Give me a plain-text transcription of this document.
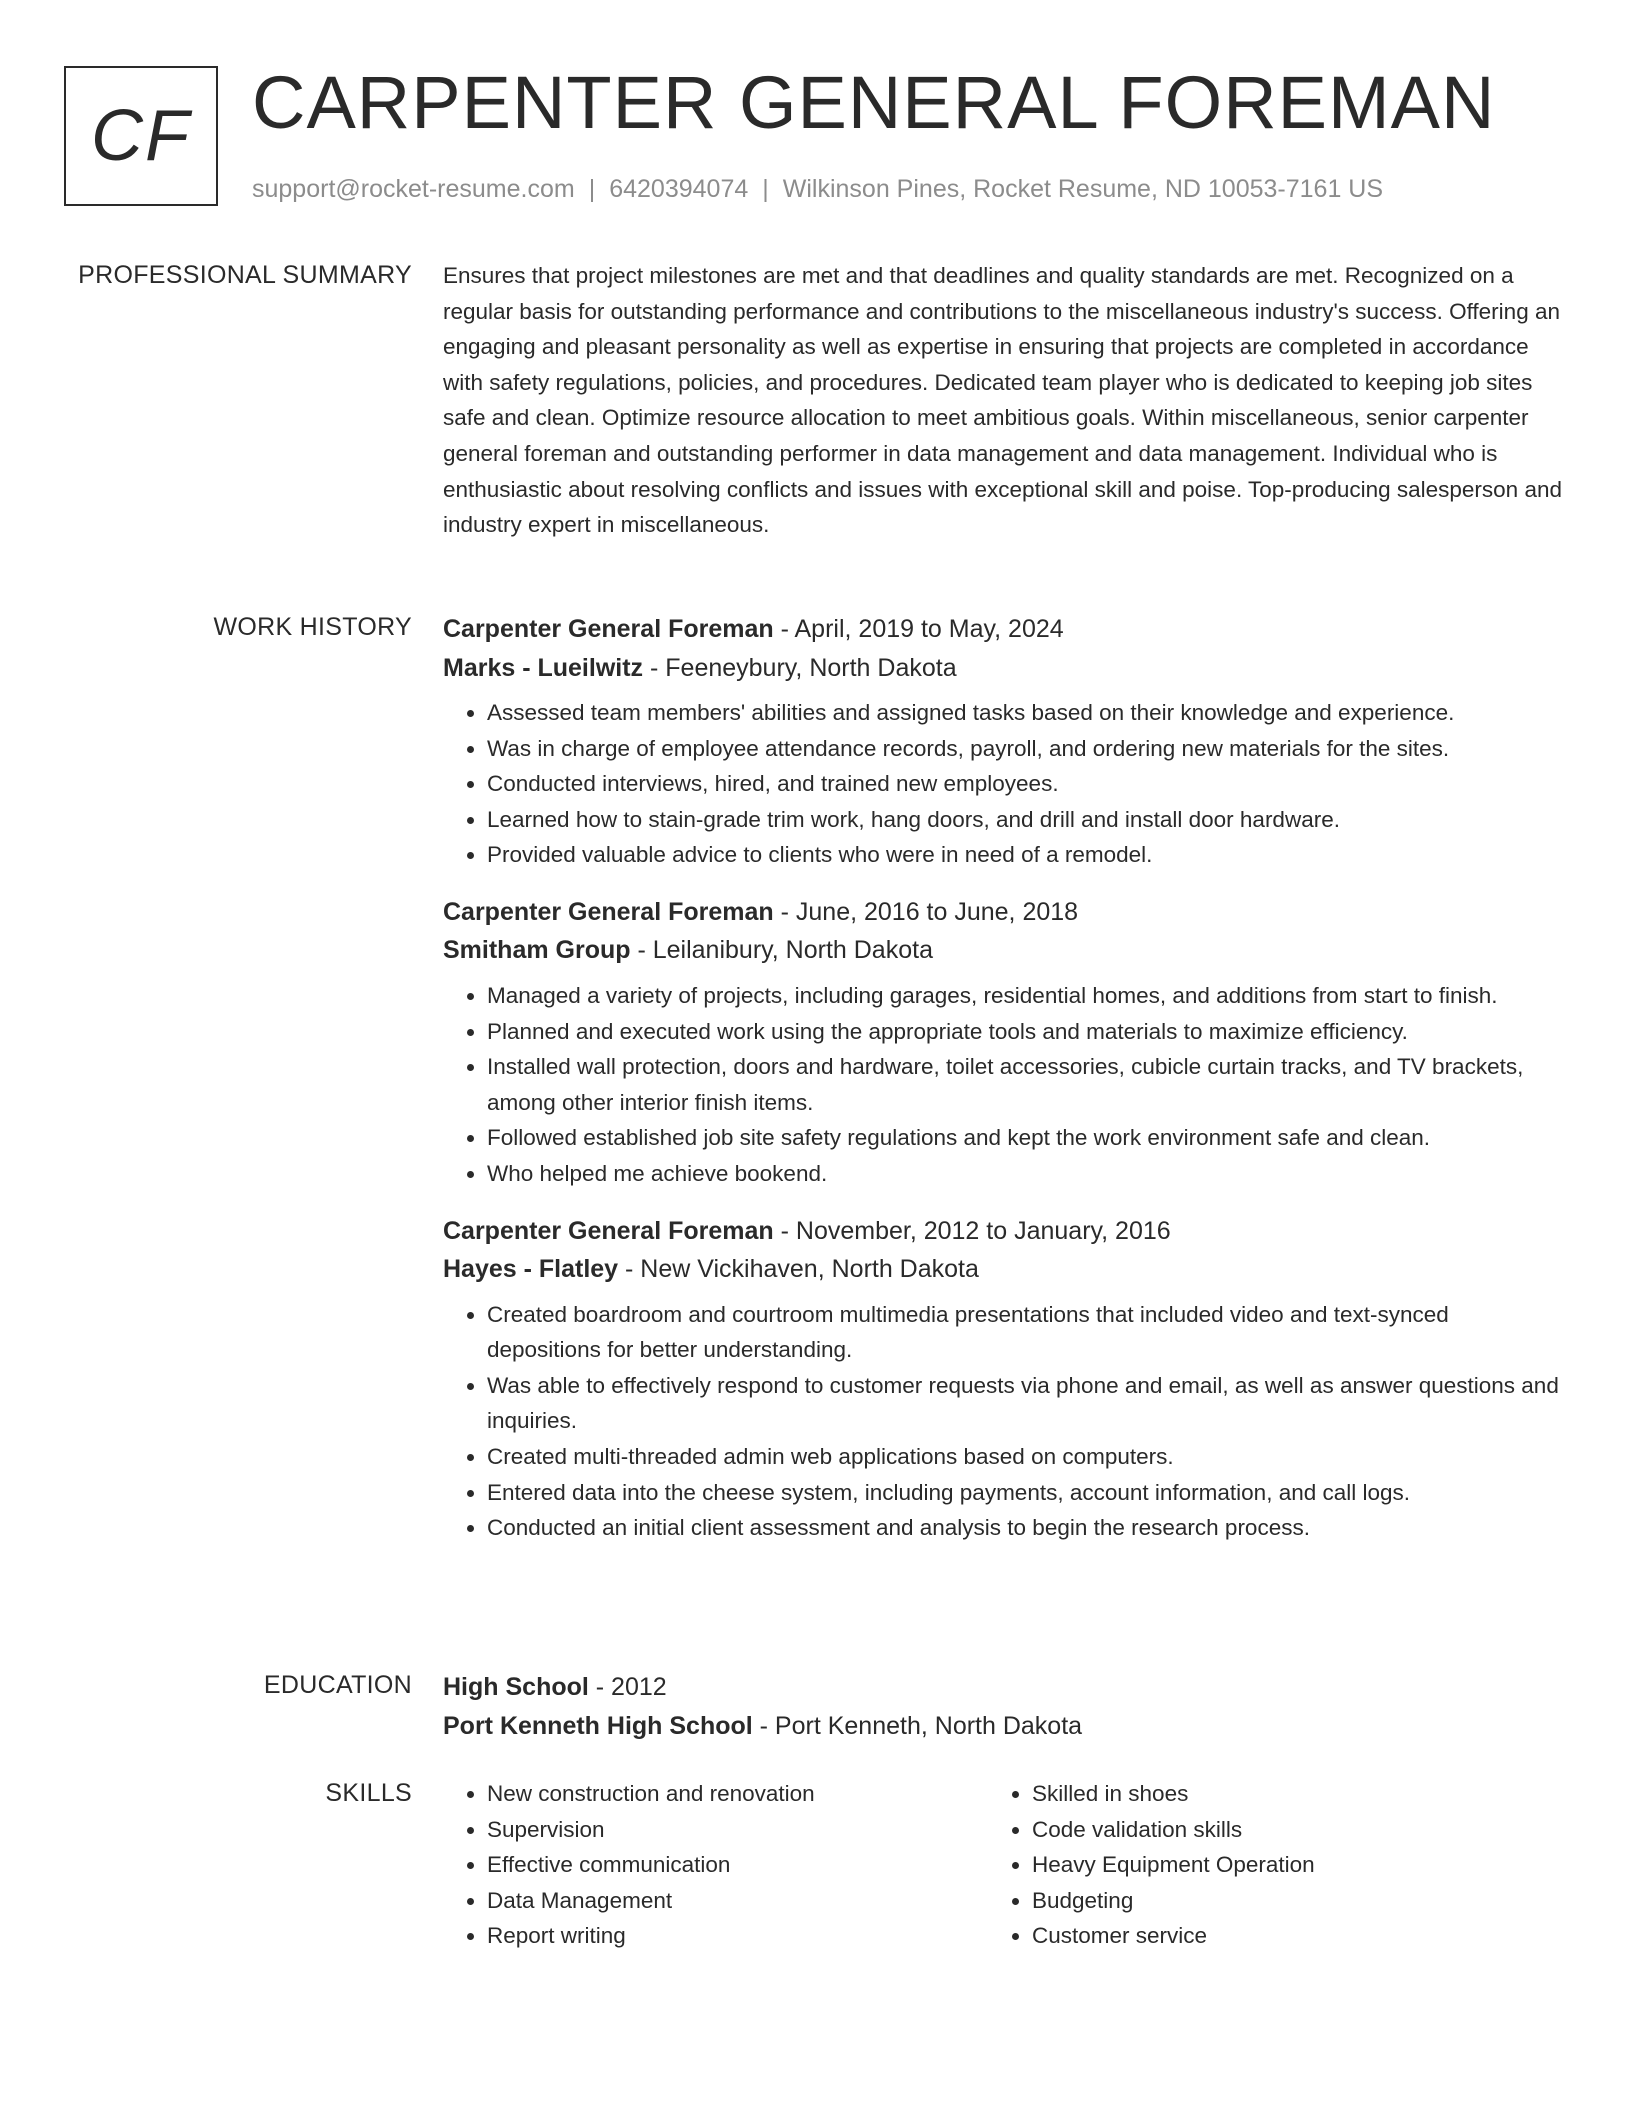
CF CARPENTER GENERAL FOREMAN
support@rocket-resume.com | 6420394074 | Wilkinson Pines, Rocket Resume, ND 10053-7161 US
PROFESSIONAL SUMMARY Ensures that project milestones are met and that deadlines and quality standards are met. Recognized on a regular basis for outstanding performance and contributions to the miscellaneous industry's success. Offering an engaging and pleasant personality as well as expertise in ensuring that projects are completed in accordance with safety regulations, policies, and procedures. Dedicated team player who is dedicated to keeping job sites safe and clean. Optimize resource allocation to meet ambitious goals. Within miscellaneous, senior carpenter general foreman and outstanding performer in data management and data management. Individual who is enthusiastic about resolving conflicts and issues with exceptional skill and poise. Top-producing salesperson and industry expert in miscellaneous.

WORK HISTORY Carpenter General Foreman - April, 2019 to May, 2024
Marks - Lueilwitz - Feeneybury, North Dakota
• Assessed team members' abilities and assigned tasks based on their knowledge and experience.
• Was in charge of employee attendance records, payroll, and ordering new materials for the sites.
• Conducted interviews, hired, and trained new employees.
• Learned how to stain-grade trim work, hang doors, and drill and install door hardware.
• Provided valuable advice to clients who were in need of a remodel.
Carpenter General Foreman - June, 2016 to June, 2018
Smitham Group - Leilanibury, North Dakota
• Managed a variety of projects, including garages, residential homes, and additions from start to finish.
• Planned and executed work using the appropriate tools and materials to maximize efficiency.
• Installed wall protection, doors and hardware, toilet accessories, cubicle curtain tracks, and TV brackets, among other interior finish items.
• Followed established job site safety regulations and kept the work environment safe and clean.
• Who helped me achieve bookend.
Carpenter General Foreman - November, 2012 to January, 2016
Hayes - Flatley - New Vickihaven, North Dakota
• Created boardroom and courtroom multimedia presentations that included video and text-synced depositions for better understanding.
• Was able to effectively respond to customer requests via phone and email, as well as answer questions and inquiries.
• Created multi-threaded admin web applications based on computers.
• Entered data into the cheese system, including payments, account information, and call logs.
• Conducted an initial client assessment and analysis to begin the research process.
EDUCATION High School - 2012
Port Kenneth High School - Port Kenneth, North Dakota
SKILLS
•	New construction and renovation
• Supervision
• Effective communication
• Data Management
• Report writing
• Skilled in shoes
• Code validation skills
• Heavy Equipment Operation
• Budgeting
• Customer service
